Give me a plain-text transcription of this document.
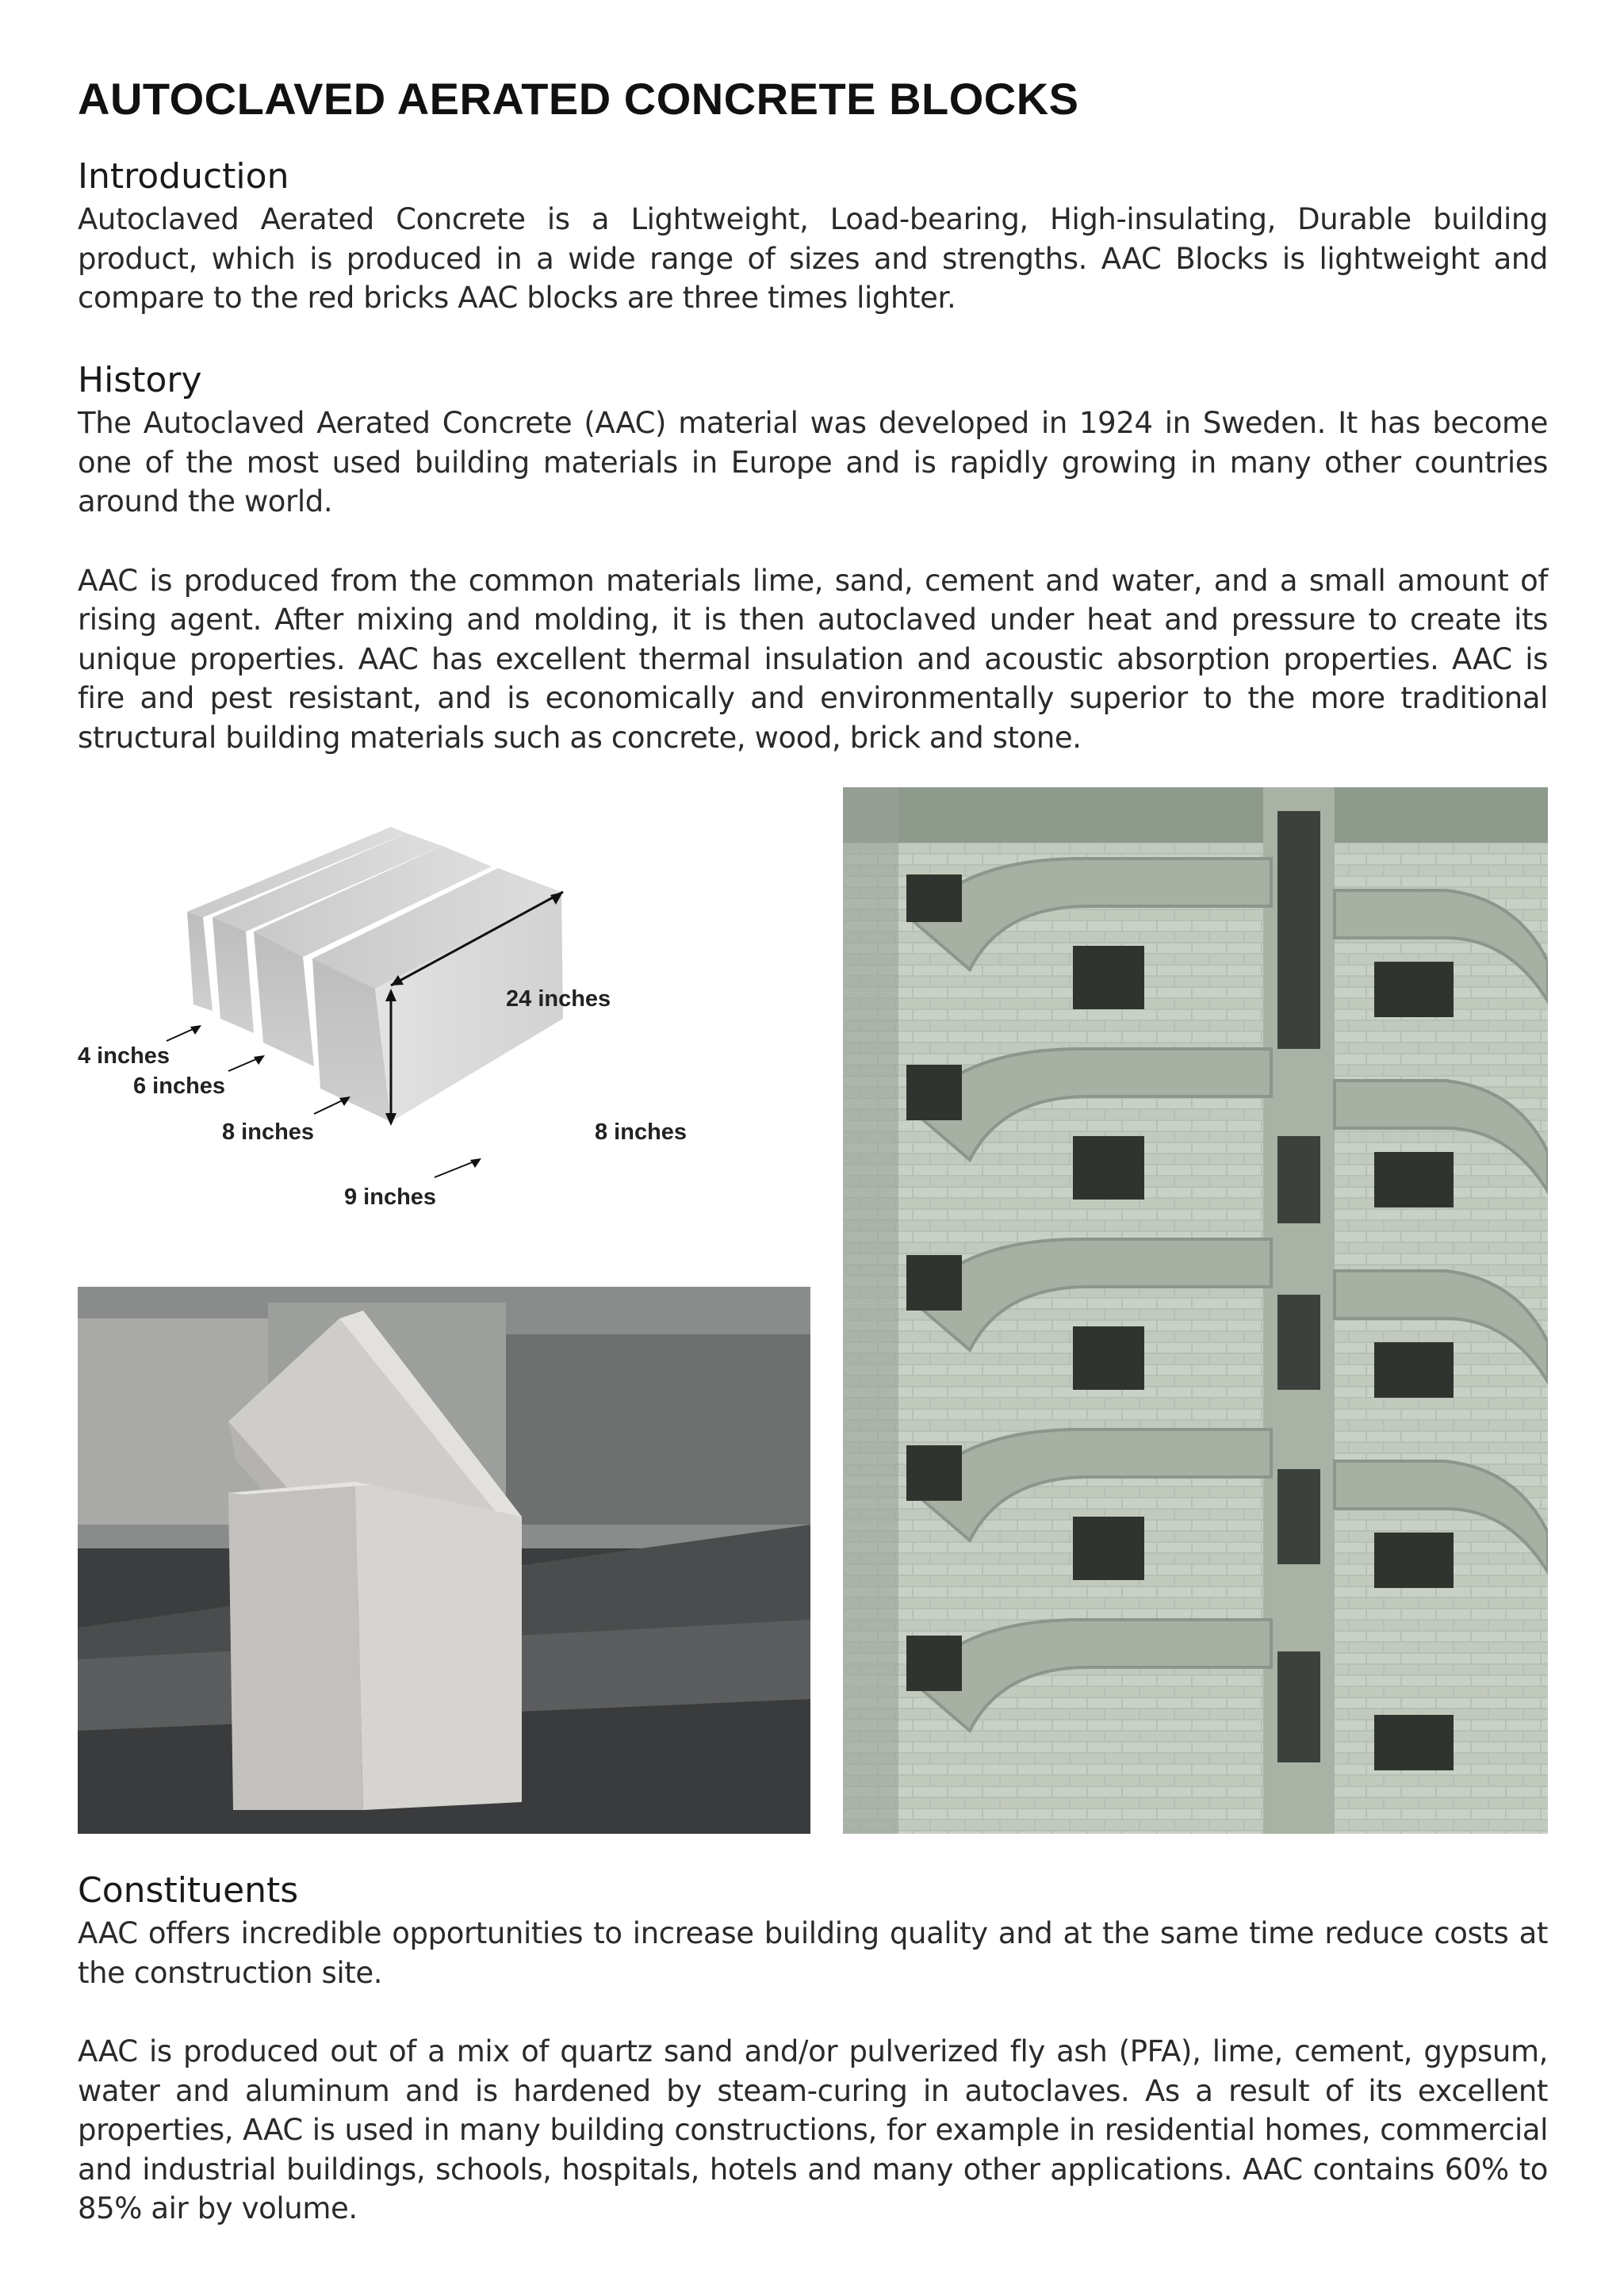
AUTOCLAVED AERATED CONCRETE BLOCKS
Introduction

Autoclaved Aerated Concrete is a Lightweight, Load-bearing, High-insulating, Durable building product, which is produced in a wide range of sizes and strengths. AAC Blocks is lightweight and compare to the red bricks AAC blocks are three times lighter.

History

The Autoclaved Aerated Concrete (AAC) material was developed in 1924 in Sweden. It has become one of the most used building materials in Europe and is rapidly growing in many other countries around the world.

AAC is produced from the common materials lime, sand, cement and water, and a small amount of rising agent. After mixing and molding, it is then autoclaved under heat and pressure to create its unique properties. AAC has excellent thermal insulation and acoustic absorption properties. AAC is fire and pest resistant, and is economically and environmentally superior to the more traditional structural building materials such as concrete, wood, brick and stone.

24 inches
4 inches
6 inches
8 inches
9 inches
8 inches
Constituents

AAC offers incredible opportunities to increase building quality and at the same time reduce costs at the construction site.

AAC is produced out of a mix of quartz sand and/or pulverized fly ash (PFA), lime, cement, gypsum, water and aluminum and is hardened by steam-curing in autoclaves. As a result of its excellent properties, AAC is used in many building constructions, for example in residential homes, commercial and industrial buildings, schools, hospitals, hotels and many other applications. AAC contains 60% to 85% air by volume.
